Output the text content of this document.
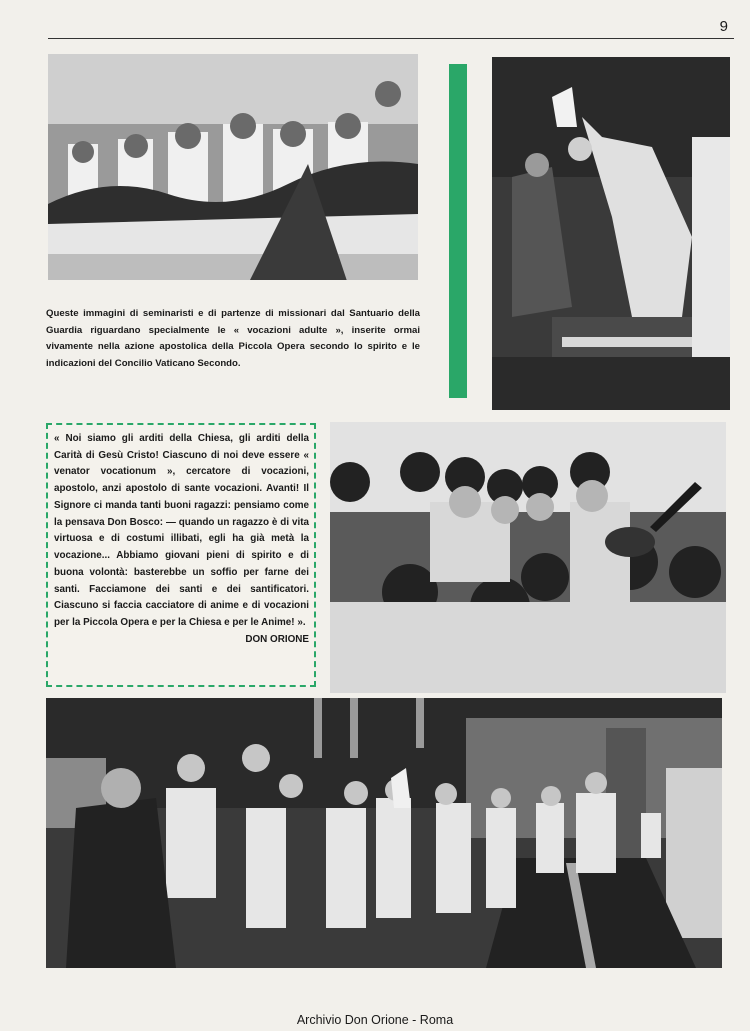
9
Queste immagini di seminaristi e di partenze di missionari dal Santuario della Guardia riguardano specialmente le « vocazioni adulte », inserite ormai vivamente nella azione apostolica della Piccola Opera secondo lo spirito e le indicazioni del Concilio Vaticano Secondo.

« Noi siamo gli arditi della Chiesa, gli arditi della Carità di Gesù Cristo! Ciascuno di noi deve essere « venator vocationum », cercatore di vocazioni, apostolo, anzi apostolo di sante vocazioni. Avanti! Il Signore ci manda tanti buoni ragazzi: pensiamo come la pensava Don Bosco: — quando un ragazzo è di vita virtuosa e di costumi illibati, egli ha già metà la vocazione... Abbiamo giovani pieni di spirito e di buona volontà: basterebbe un soffio per farne dei santi. Facciamone dei santi e dei santificatori. Ciascuno si faccia cacciatore di anime e di vocazioni per la Piccola Opera e per la Chiesa e per le Anime! ».
DON ORIONE

Archivio Don Orione - Roma
